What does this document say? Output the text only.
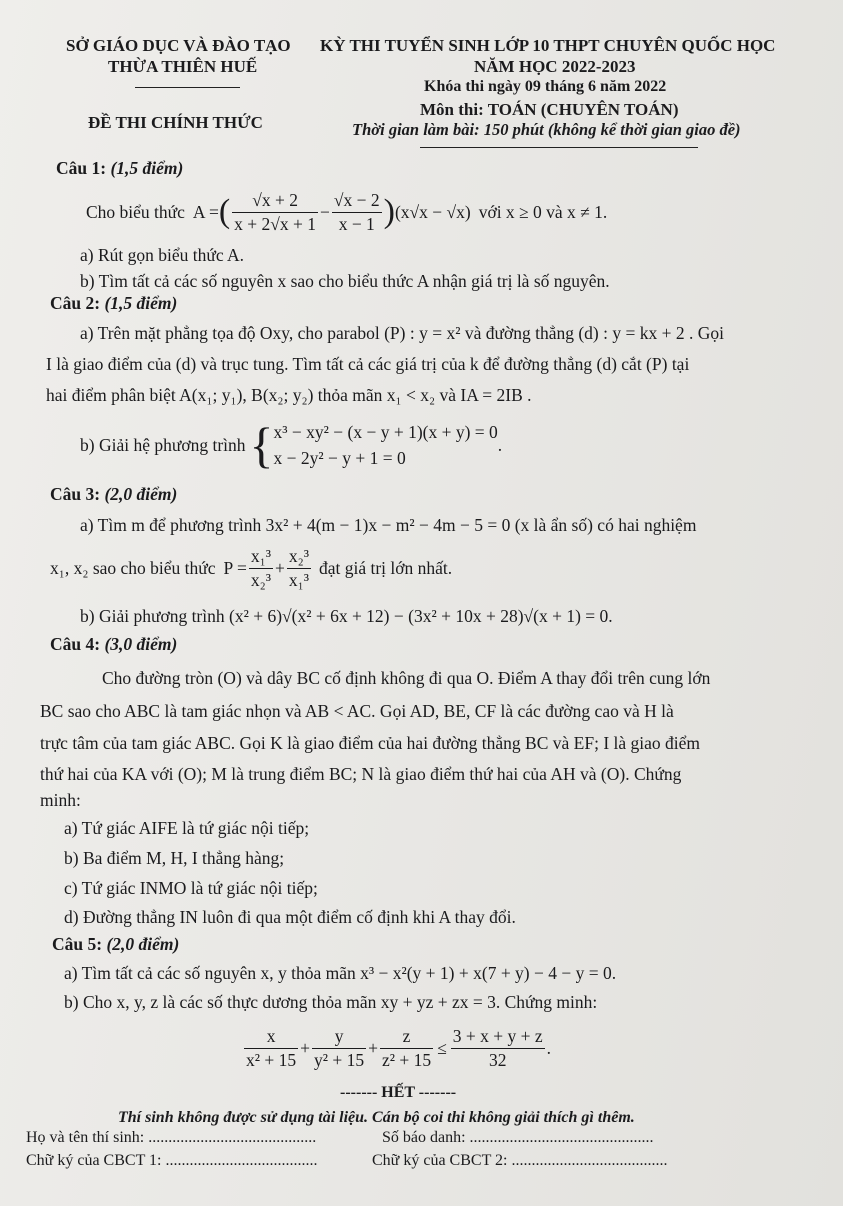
SỞ GIÁO DỤC VÀ ĐÀO TẠO
THỪA THIÊN HUẾ
ĐỀ THI CHÍNH THỨC
KỲ THI TUYỂN SINH LỚP 10 THPT CHUYÊN QUỐC HỌC
NĂM HỌC 2022-2023
Khóa thi ngày 09 tháng 6 năm 2022
Môn thi: TOÁN (CHUYÊN TOÁN)
Thời gian làm bài: 150 phút (không kể thời gian giao đề)
Câu 1: (1,5 điểm)
Cho biểu thức A = ( $\frac{√x + 2}{x + 2√x + 1} - \frac{√x - 2}{x - 1}$ ) (x√x − √x) với x ≥ 0 và x ≠ 1.
a) Rút gọn biểu thức A.
b) Tìm tất cả các số nguyên x sao cho biểu thức A nhận giá trị là số nguyên.
Câu 2: (1,5 điểm)
a) Trên mặt phẳng tọa độ Oxy, cho parabol (P) : y = x² và đường thẳng (d) : y = kx + 2 . Gọi
I là giao điểm của (d) và trục tung. Tìm tất cả các giá trị của k để đường thẳng (d) cắt (P) tại
hai điểm phân biệt A(x₁; y₁), B(x₂; y₂) thỏa mãn x₁ < x₂ và IA = 2IB .
b) Giải hệ phương trình { x³ − xy² − (x − y + 1)(x + y) = 0
x − 2y² − y + 1 = 0
.
Câu 3: (2,0 điểm)
a) Tìm m để phương trình 3x² + 4(m − 1)x − m² − 4m − 5 = 0 (x là ẩn số) có hai nghiệm
x₁, x₂ sao cho biểu thức $P = \frac{\text{x₁³}}{\text{x₂³}} + \frac{\text{x₂³}}{\text{x₁³}}$ đạt giá trị lớn nhất.
b) Giải phương trình (x² + 6)√(x² + 6x + 12) − (3x² + 10x + 28)√(x + 1) = 0.
Câu 4: (3,0 điểm)
Cho đường tròn (O) và dây BC cố định không đi qua O. Điểm A thay đổi trên cung lớn
BC sao cho ABC là tam giác nhọn và AB < AC. Gọi AD, BE, CF là các đường cao và H là
trực tâm của tam giác ABC. Gọi K là giao điểm của hai đường thẳng BC và EF; I là giao điểm
thứ hai của KA với (O); M là trung điểm BC; N là giao điểm thứ hai của AH và (O). Chứng
minh:
a) Tứ giác AIFE là tứ giác nội tiếp;
b) Ba điểm M, H, I thẳng hàng;
c) Tứ giác INMO là tứ giác nội tiếp;
d) Đường thẳng IN luôn đi qua một điểm cố định khi A thay đổi.
Câu 5: (2,0 điểm)
a) Tìm tất cả các số nguyên x, y thỏa mãn x³ − x²(y + 1) + x(7 + y) − 4 − y = 0.
b) Cho x, y, z là các số thực dương thỏa mãn xy + yz + zx = 3. Chứng minh:
$\frac{x}{\text{x² + 15}} + \frac{y}{\text{y² + 15}} + \frac{z}{\text{z² + 15}} \le \frac{3 + x + y + z}{32}$ .
------- HẾT -------
Thí sinh không được sử dụng tài liệu. Cán bộ coi thi không giải thích gì thêm.
Họ và tên thí sinh: ..........................................	Số báo danh: ..............................................
Chữ ký của CBCT 1: ......................................	Chữ ký của CBCT 2: .......................................
